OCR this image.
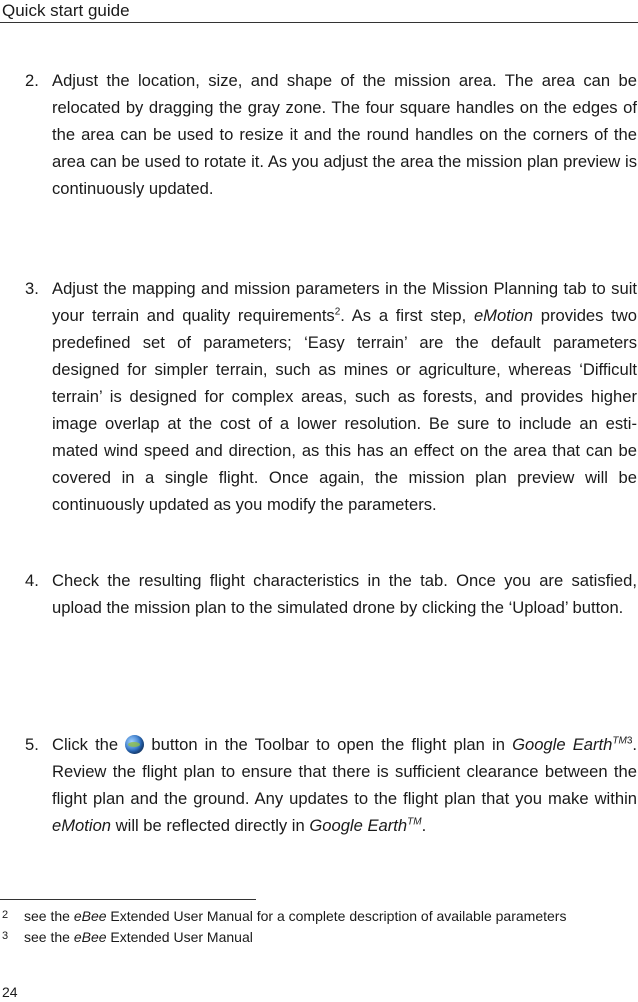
Quick start guide
2. Adjust the location, size, and shape of the mission area. The area can be relocated by dragging the gray zone. The four square handles on the edges of the area can be used to resize it and the round handles on the corners of the area can be used to rotate it. As you adjust the area the mission plan preview is continuously updated.
3. Adjust the mapping and mission parameters in the Mission Planning tab to suit your terrain and quality requirements$^2$. As a first step, eMotion provides two predefined set of parameters; ‘Easy terrain’ are the default parameters designed for simpler terrain, such as mines or agriculture, whereas ‘Difficult terrain’ is designed for complex areas, such as forests, and provides higher image overlap at the cost of a lower resolution. Be sure to include an esti-mated wind speed and direction, as this has an effect on the area that can be covered in a single flight. Once again, the mission plan preview will be continuously updated as you modify the parameters.
4. Check the resulting flight characteristics in the tab. Once you are satisfied, upload the mission plan to the simulated drone by clicking the ‘Upload’ button.
5. Click the  button in the Toolbar to open the flight plan in Google Earth$^{TM3}$. Review the flight plan to ensure that there is sufficient clearance between the flight plan and the ground. Any updates to the flight plan that you make within eMotion will be reflected directly in Google Earth™.
2 see the eBee Extended User Manual for a complete description of available parameters
3 see the eBee Extended User Manual
24
